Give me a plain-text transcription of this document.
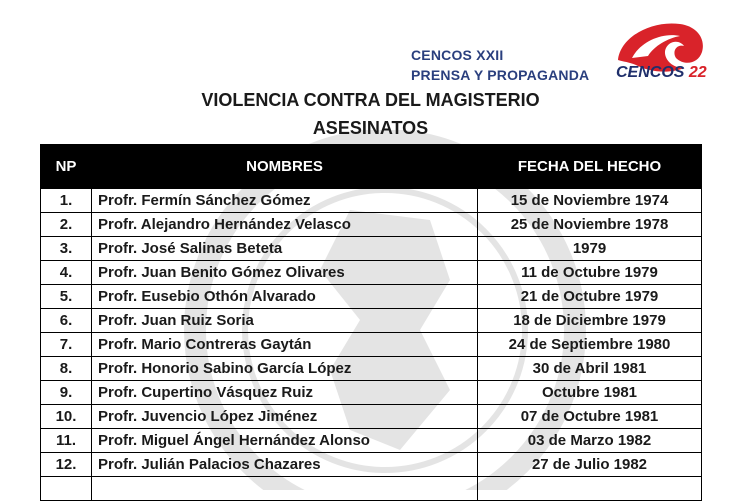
CENCOS XXII
PRENSA Y PROPAGANDA CENCOS 22
VIOLENCIA CONTRA DEL MAGISTERIO
ASESINATOS
NP	NOMBRES	FECHA DEL HECHO
1.	Profr. Fermín Sánchez Gómez	15 de Noviembre 1974
2.	Profr. Alejandro Hernández Velasco	25 de Noviembre 1978
3.	Profr. José Salinas Beteta	1979
4.	Profr. Juan Benito Gómez Olivares	11 de Octubre 1979
5.	Profr. Eusebio Othón Alvarado	21 de Octubre 1979
6.	Profr. Juan Ruiz Soria	18 de Diciembre 1979
7.	Profr. Mario Contreras Gaytán	24 de Septiembre 1980
8.	Profr. Honorio Sabino García López	30 de Abril 1981
9.	Profr. Cupertino Vásquez Ruiz	Octubre 1981
10.	Profr. Juvencio López Jiménez	07 de Octubre 1981
11.	Profr. Miguel Ángel Hernández Alonso	03 de Marzo 1982
12.	Profr. Julián Palacios Chazares	27 de Julio 1982
